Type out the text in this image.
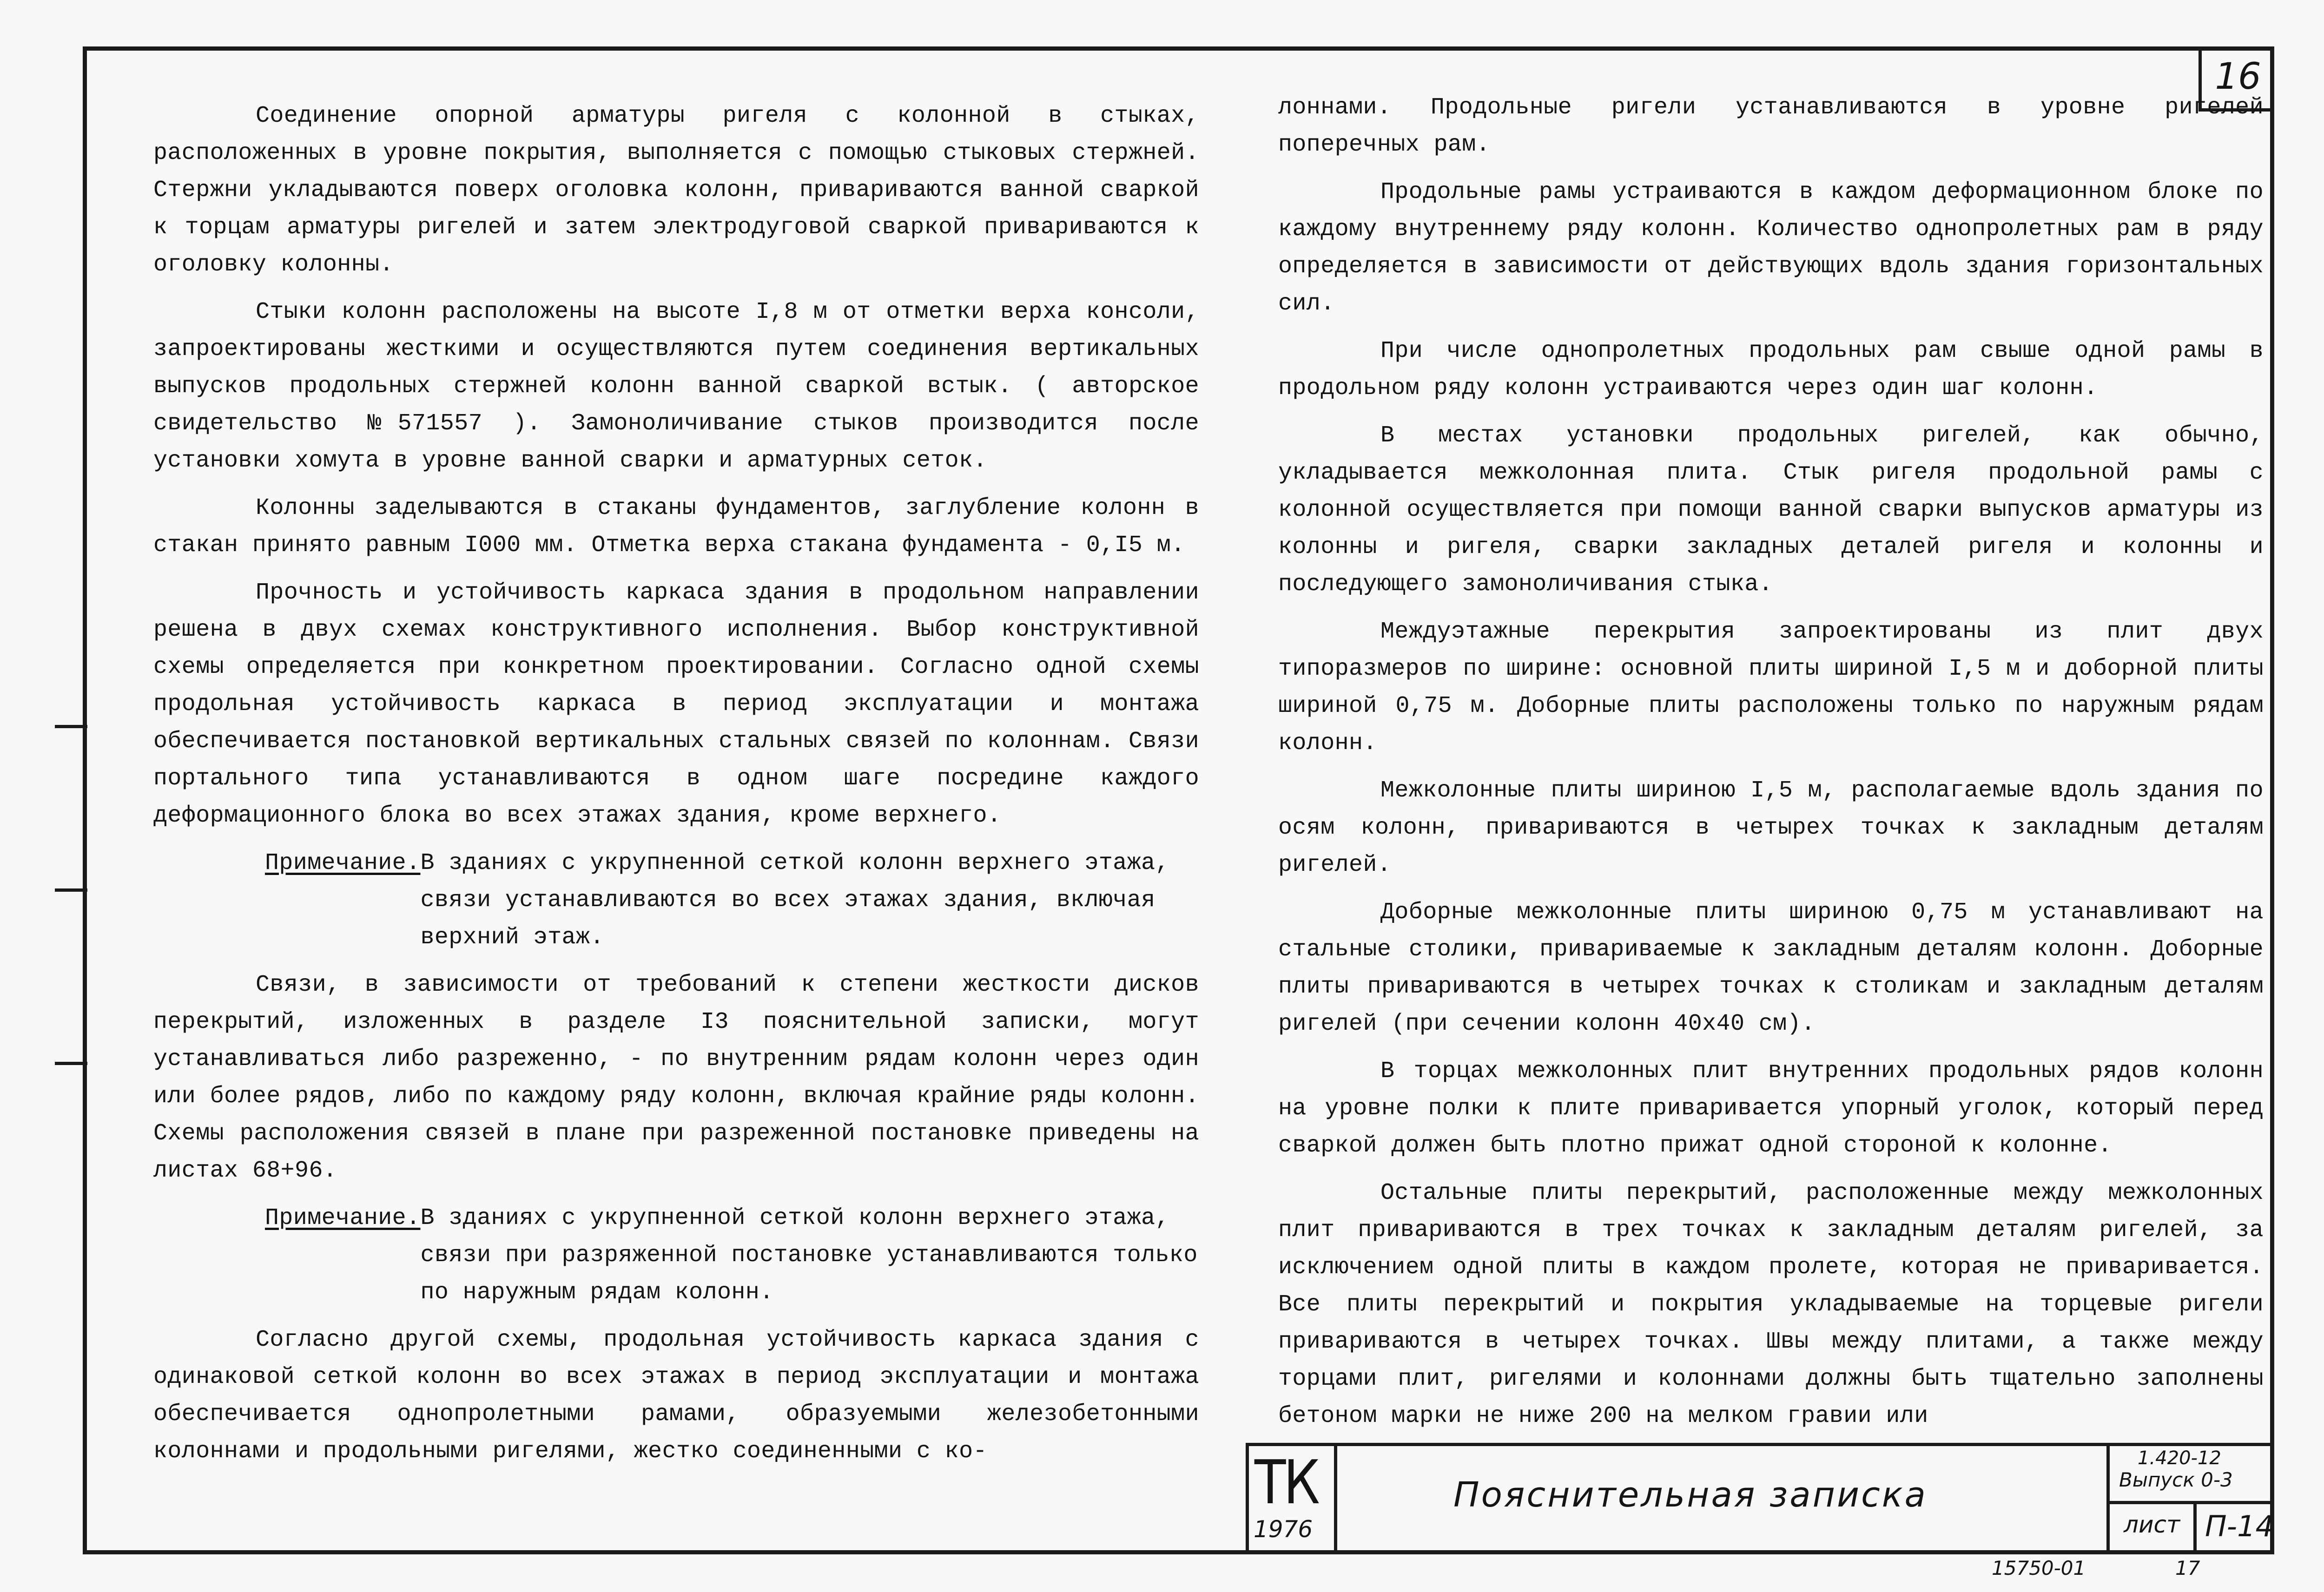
16

Соединение опорной арматуры ригеля с колонной в стыках, расположенных в уровне покрытия, выполняется с помощью стыковых стержней. Стержни укладываются поверх оголовка колонн, привариваются ванной сваркой к торцам арматуры ригелей и затем электродуговой сваркой привариваются к оголовку колонны.

Стыки колонн расположены на высоте I,8 м от отметки верха консоли, запроектированы жесткими и осуществляются путем соединения вертикальных выпусков продольных стержней колонн ванной сваркой встык. ( авторское свидетельство №571557 ). Замоноличивание стыков производится после установки хомута в уровне ванной сварки и арматурных сеток.

Колонны заделываются в стаканы фундаментов, заглубление колонн в стакан принято равным I000 мм. Отметка верха стакана фундамента - 0,I5 м.

Прочность и устойчивость каркаса здания в продольном направлении решена в двух схемах конструктивного исполнения. Выбор конструктивной схемы определяется при конкретном проектировании. Согласно одной схемы продольная устойчивость каркаса в период эксплуатации и монтажа обеспечивается постановкой вертикальных стальных связей по колоннам. Связи портального типа устанавливаются в одном шаге посредине каждого деформационного блока во всех этажах здания, кроме верхнего.

Примечание. В зданиях с укрупненной сеткой колонн верхнего этажа, связи устанавливаются во всех этажах здания, включая верхний этаж.

Связи, в зависимости от требований к степени жесткости дисков перекрытий, изложенных в разделе I3 пояснительной записки, могут устанавливаться либо разреженно, - по внутренним рядам колонн через один или более рядов, либо по каждому ряду колонн, включая крайние ряды колонн. Схемы расположения связей в плане при разреженной постановке приведены на листах 68+96.

Примечание. В зданиях с укрупненной сеткой колонн верхнего этажа, связи при разряженной постановке устанавливаются только по наружным рядам колонн.

Согласно другой схемы, продольная устойчивость каркаса здания с одинаковой сеткой колонн во всех этажах в период эксплуатации и монтажа обеспечивается однопролетными рамами, образуемыми железобетонными колоннами и продольными ригелями, жестко соединенными с ко-

лоннами. Продольные ригели устанавливаются в уровне ригелей поперечных рам.

Продольные рамы устраиваются в каждом деформационном блоке по каждому внутреннему ряду колонн. Количество однопролетных рам в ряду определяется в зависимости от действующих вдоль здания горизонтальных сил.

При числе однопролетных продольных рам свыше одной рамы в продольном ряду колонн устраиваются через один шаг колонн.

В местах установки продольных ригелей, как обычно, укладывается межколонная плита. Стык ригеля продольной рамы с колонной осуществляется при помощи ванной сварки выпусков арматуры из колонны и ригеля, сварки закладных деталей ригеля и колонны и последующего замоноличивания стыка.

Междуэтажные перекрытия запроектированы из плит двух типоразмеров по ширине: основной плиты шириной I,5 м и доборной плиты шириной 0,75 м. Доборные плиты расположены только по наружным рядам колонн.

Межколонные плиты шириною I,5 м, располагаемые вдоль здания по осям колонн, привариваются в четырех точках к закладным деталям ригелей.

Доборные межколонные плиты шириною 0,75 м устанавливают на стальные столики, привариваемые к закладным деталям колонн. Доборные плиты привариваются в четырех точках к столикам и закладным деталям ригелей (при сечении колонн 40х40 см).

В торцах межколонных плит внутренних продольных рядов колонн на уровне полки к плите приваривается упорный уголок, который перед сваркой должен быть плотно прижат одной стороной к колонне.

Остальные плиты перекрытий, расположенные между межколонных плит привариваются в трех точках к закладным деталям ригелей, за исключением одной плиты в каждом пролете, которая не приваривается. Все плиты перекрытий и покрытия укладываемые на торцевые ригели привариваются в четырех точках. Швы между плитами, а также между торцами плит, ригелями и колоннами должны быть тщательно заполнены бетоном марки не ниже 200 на мелком гравии или

ТК
1976
Пояснительная записка
1.420-12
Выпуск 0-3
лист П-14
15750-01	17
